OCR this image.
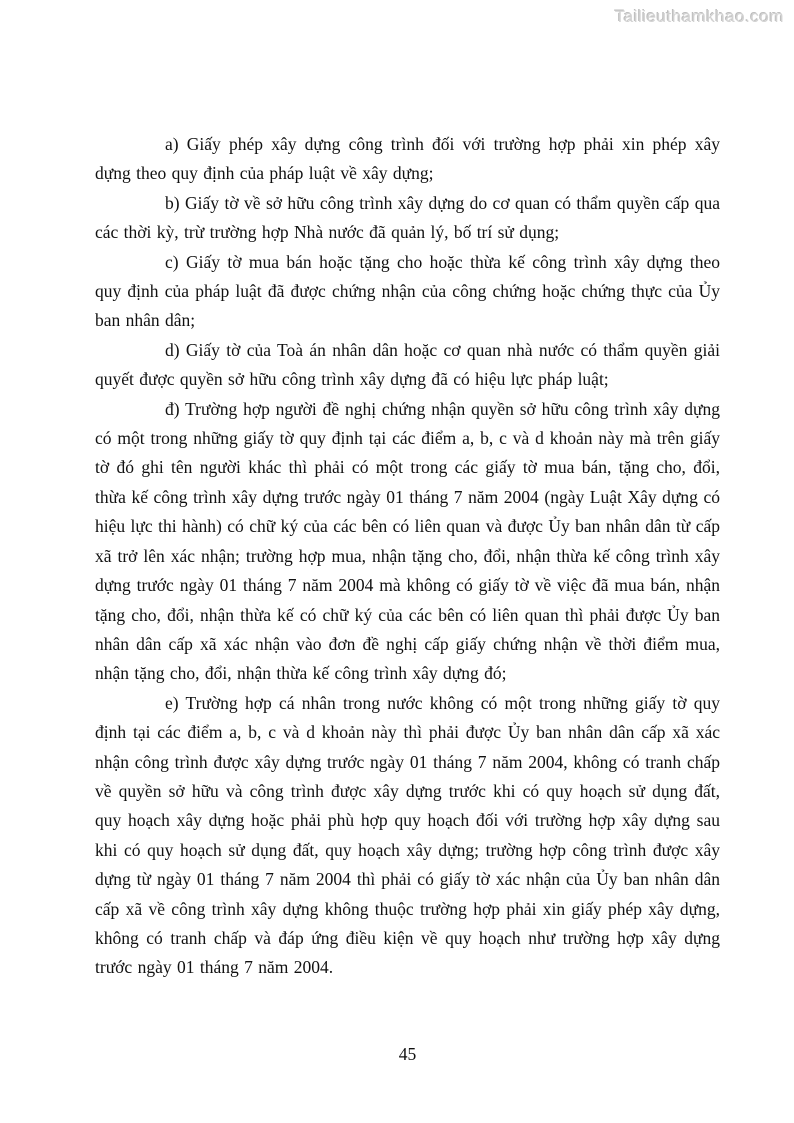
Tailieuthamkhao.com

a) Giấy phép xây dựng công trình đối với trường hợp phải xin phép xây dựng theo quy định của pháp luật về xây dựng;

b) Giấy tờ về sở hữu công trình xây dựng do cơ quan có thẩm quyền cấp qua các thời kỳ, trừ trường hợp Nhà nước đã quản lý, bố trí sử dụng;

c) Giấy tờ mua bán hoặc tặng cho hoặc thừa kế công trình xây dựng theo quy định của pháp luật đã được chứng nhận của công chứng hoặc chứng thực của Ủy ban nhân dân;

d) Giấy tờ của Toà án nhân dân hoặc cơ quan nhà nước có thẩm quyền giải quyết được quyền sở hữu công trình xây dựng đã có hiệu lực pháp luật;

đ) Trường hợp người đề nghị chứng nhận quyền sở hữu công trình xây dựng có một trong những giấy tờ quy định tại các điểm a, b, c và d khoản này mà trên giấy tờ đó ghi tên người khác thì phải có một trong các giấy tờ mua bán, tặng cho, đổi, thừa kế công trình xây dựng trước ngày 01 tháng 7 năm 2004 (ngày Luật Xây dựng có hiệu lực thi hành) có chữ ký của các bên có liên quan và được Ủy ban nhân dân từ cấp xã trở lên xác nhận; trường hợp mua, nhận tặng cho, đổi, nhận thừa kế công trình xây dựng trước ngày 01 tháng 7 năm 2004 mà không có giấy tờ về việc đã mua bán, nhận tặng cho, đổi, nhận thừa kế có chữ ký của các bên có liên quan thì phải được Ủy ban nhân dân cấp xã xác nhận vào đơn đề nghị cấp giấy chứng nhận về thời điểm mua, nhận tặng cho, đổi, nhận thừa kế công trình xây dựng đó;

e) Trường hợp cá nhân trong nước không có một trong những giấy tờ quy định tại các điểm a, b, c và d khoản này thì phải được Ủy ban nhân dân cấp xã xác nhận công trình được xây dựng trước ngày 01 tháng 7 năm 2004, không có tranh chấp về quyền sở hữu và công trình được xây dựng trước khi có quy hoạch sử dụng đất, quy hoạch xây dựng hoặc phải phù hợp quy hoạch đối với trường hợp xây dựng sau khi có quy hoạch sử dụng đất, quy hoạch xây dựng; trường hợp công trình được xây dựng từ ngày 01 tháng 7 năm 2004 thì phải có giấy tờ xác nhận của Ủy ban nhân dân cấp xã về công trình xây dựng không thuộc trường hợp phải xin giấy phép xây dựng, không có tranh chấp và đáp ứng điều kiện về quy hoạch như trường hợp xây dựng trước ngày 01 tháng 7 năm 2004.

45
